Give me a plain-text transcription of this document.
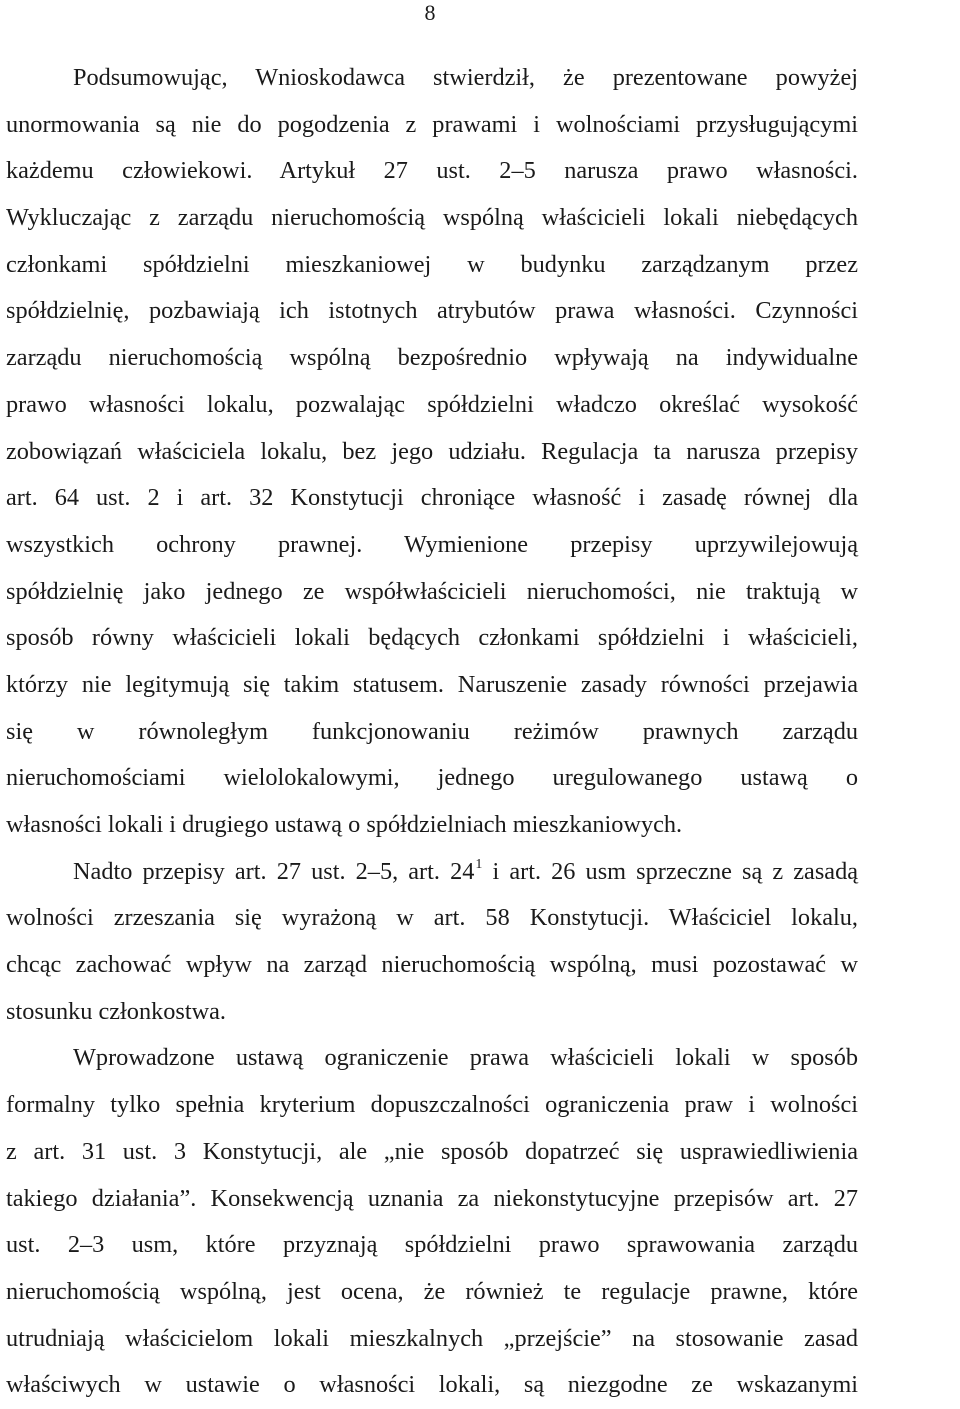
8
Podsumowując, Wnioskodawca stwierdził, że prezentowane powyżej
unormowania są nie do pogodzenia z prawami i wolnościami przysługującymi
każdemu człowiekowi. Artykuł 27 ust. 2–5 narusza prawo własności.
Wykluczając z zarządu nieruchomością wspólną właścicieli lokali niebędących
członkami spółdzielni mieszkaniowej w budynku zarządzanym przez
spółdzielnię, pozbawiają ich istotnych atrybutów prawa własności. Czynności
zarządu nieruchomością wspólną bezpośrednio wpływają na indywidualne
prawo własności lokalu, pozwalając spółdzielni władczo określać wysokość
zobowiązań właściciela lokalu, bez jego udziału. Regulacja ta narusza przepisy
art. 64 ust. 2 i art. 32 Konstytucji chroniące własność i zasadę równej dla
wszystkich ochrony prawnej. Wymienione przepisy uprzywilejowują
spółdzielnię jako jednego ze współwłaścicieli nieruchomości, nie traktują w
sposób równy właścicieli lokali będących członkami spółdzielni i właścicieli,
którzy nie legitymują się takim statusem. Naruszenie zasady równości przejawia
się w równoległym funkcjonowaniu reżimów prawnych zarządu
nieruchomościami wielolokalowymi, jednego uregulowanego ustawą o
własności lokali i drugiego ustawą o spółdzielniach mieszkaniowych.
Nadto przepisy art. 27 ust. 2–5, art. $24^1$ i art. 26 usm sprzeczne są z zasadą
wolności zrzeszania się wyrażoną w art. 58 Konstytucji. Właściciel lokalu,
chcąc zachować wpływ na zarząd nieruchomością wspólną, musi pozostawać w
stosunku członkostwa.
Wprowadzone ustawą ograniczenie prawa właścicieli lokali w sposób
formalny tylko spełnia kryterium dopuszczalności ograniczenia praw i wolności
z art. 31 ust. 3 Konstytucji, ale „nie sposób dopatrzeć się usprawiedliwienia
takiego działania”. Konsekwencją uznania za niekonstytucyjne przepisów art. 27
ust. 2–3 usm, które przyznają spółdzielni prawo sprawowania zarządu
nieruchomością wspólną, jest ocena, że również te regulacje prawne, które
utrudniają właścicielom lokali mieszkalnych „przejście” na stosowanie zasad
właściwych w ustawie o własności lokali, są niezgodne ze wskazanymi
